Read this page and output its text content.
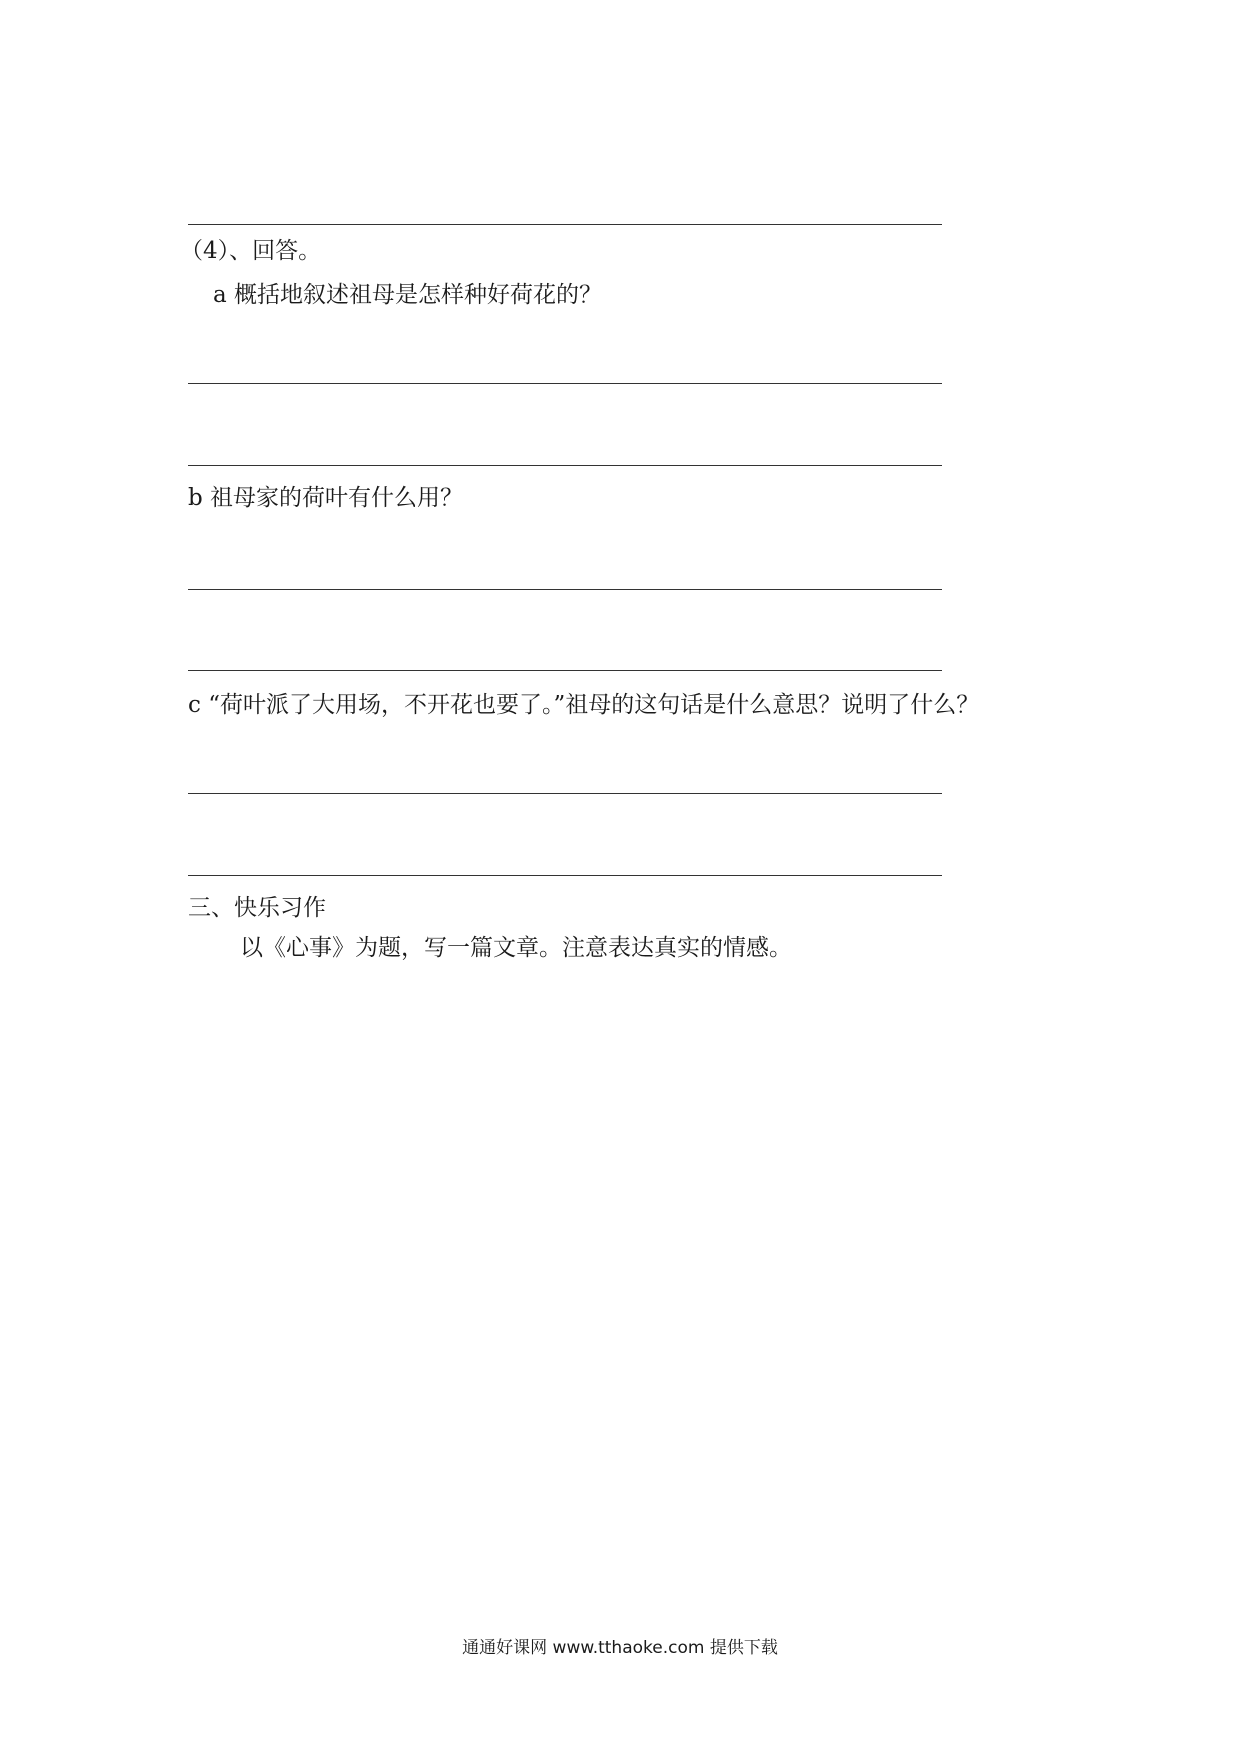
（4）、回答。
a 概括地叙述祖母是怎样种好荷花的？
b 祖母家的荷叶有什么用？
c “荷叶派了大用场，不开花也要了。”祖母的这句话是什么意思？说明了什么？
三、快乐习作
以《心事》为题，写一篇文章。注意表达真实的情感。
通通好课网 www.tthaoke.com 提供下载
